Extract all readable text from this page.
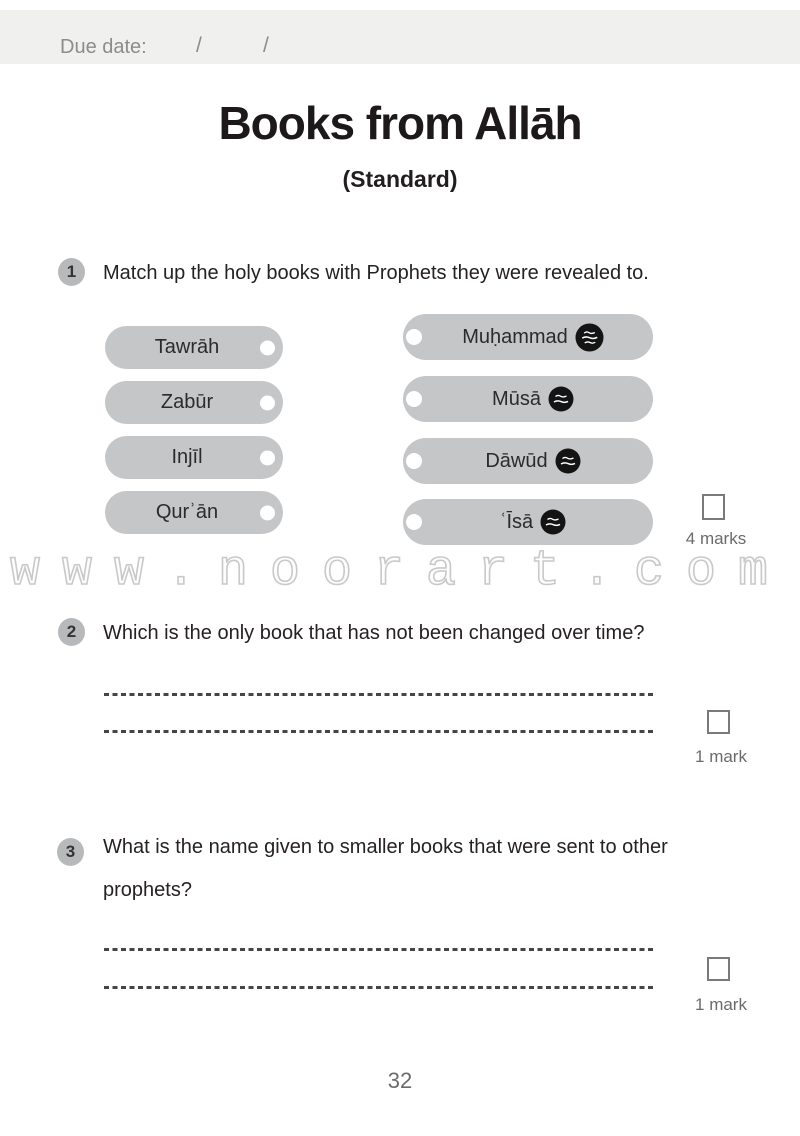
Due date: /	/
Books from Allāh
(Standard)
1	Match up the holy books with Prophets they were revealed to.
Tawrāh
Zabūr
Injīl
Qurʾān
Muḥammad
Mūsā
Dāwūd
ʿĪsā
4 marks
www.noorart.com
2	Which is the only book that has not been changed over time?
1 mark
3	What is the name given to smaller books that were sent to other
prophets?
1 mark
32
